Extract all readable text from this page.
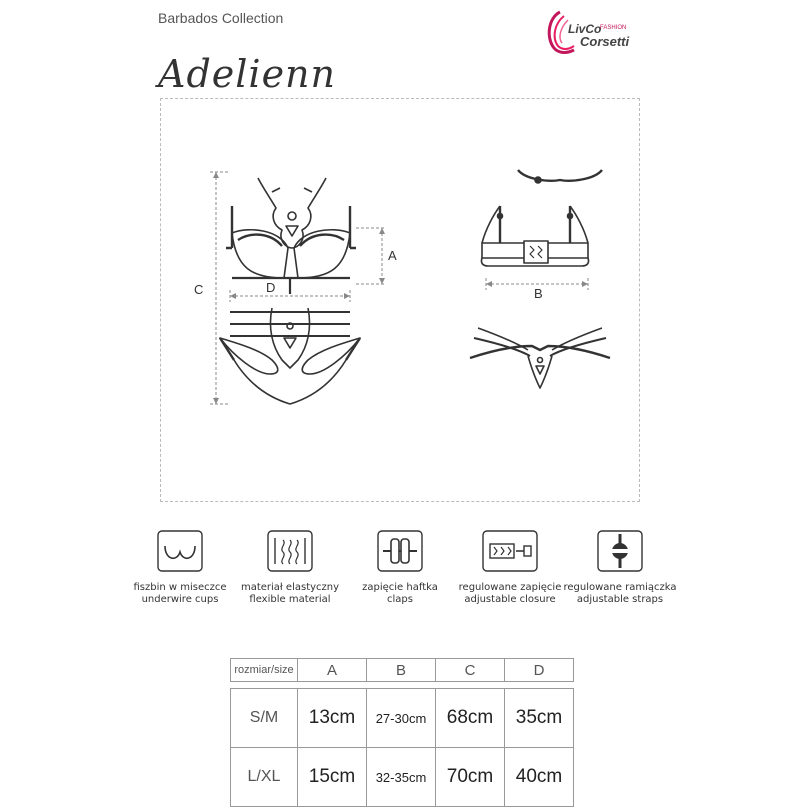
Barbados Collection
Adelienn
LivCo
FASHION
Corsetti
C
A
D	B
fiszbin w miseczce
underwire cups
materiał elastyczny
flexible material
zapięcie haftka
claps
regulowane zapięcie
adjustable closure
regulowane ramiączka
adjustable straps
rozmiar/size	A	B	C	D

S/M	13cm	27-30cm	68cm	35cm
L/XL	15cm	32-35cm	70cm	40cm
